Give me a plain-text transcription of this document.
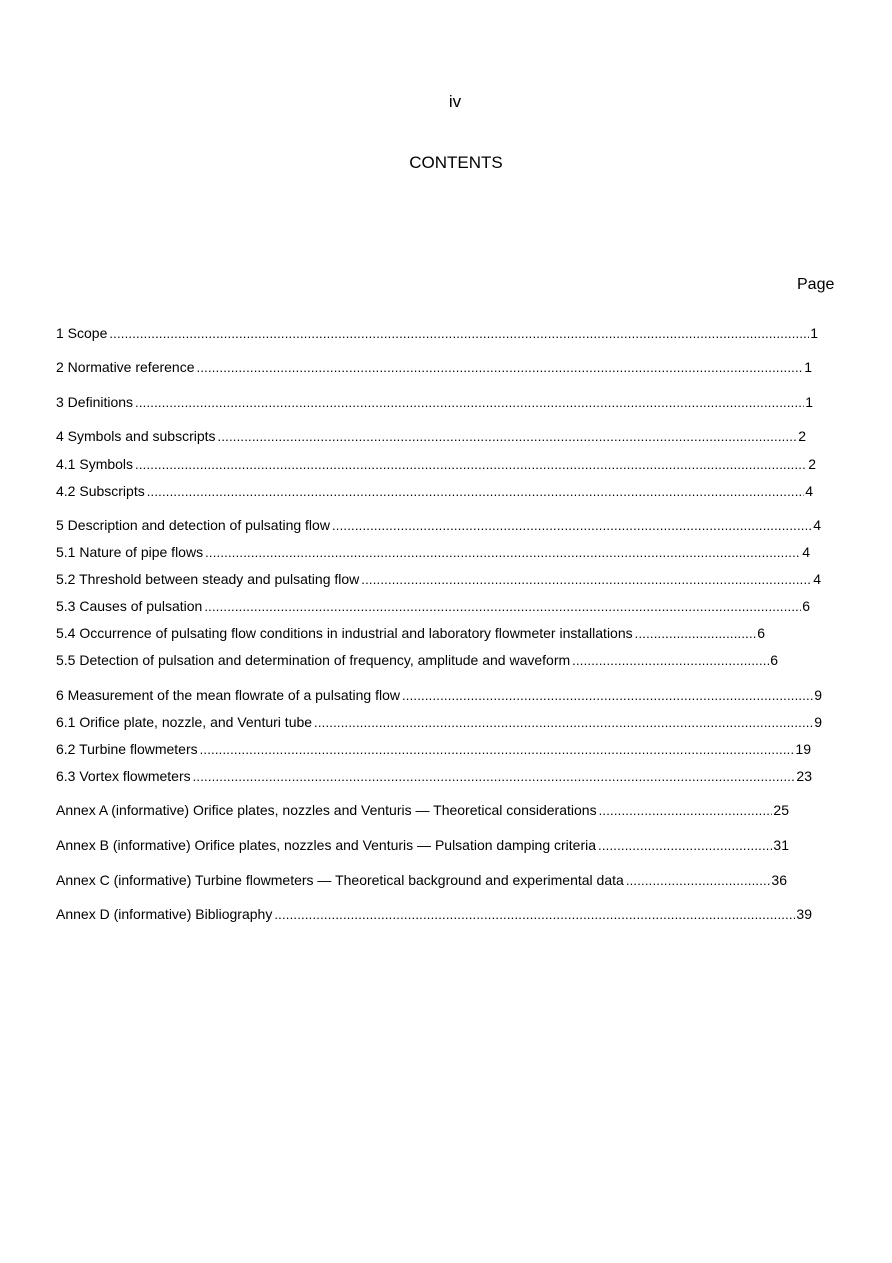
iv
CONTENTS
Page
1 Scope .....	1
2 Normative reference .....	1
3 Definitions .....	1
4 Symbols and subscripts .....	2
4.1 Symbols .....	2
4.2 Subscripts .....	4
5 Description and detection of pulsating flow .....	4
5.1 Nature of pipe flows .....	4
5.2 Threshold between steady and pulsating flow .....	4
5.3 Causes of pulsation .....	6
5.4 Occurrence of pulsating flow conditions in industrial and laboratory flowmeter installations .....	6
5.5 Detection of pulsation and determination of frequency, amplitude and waveform .....	6
6 Measurement of the mean flowrate of a pulsating flow .....	9
6.1 Orifice plate, nozzle, and Venturi tube .....	9
6.2 Turbine flowmeters .....	19
6.3 Vortex flowmeters .....	23
Annex A (informative) Orifice plates, nozzles and Venturis — Theoretical considerations .....	25
Annex B (informative) Orifice plates, nozzles and Venturis — Pulsation damping criteria .....	31
Annex C (informative) Turbine flowmeters — Theoretical background and experimental data .....	36
Annex D (informative) Bibliography .....	39
